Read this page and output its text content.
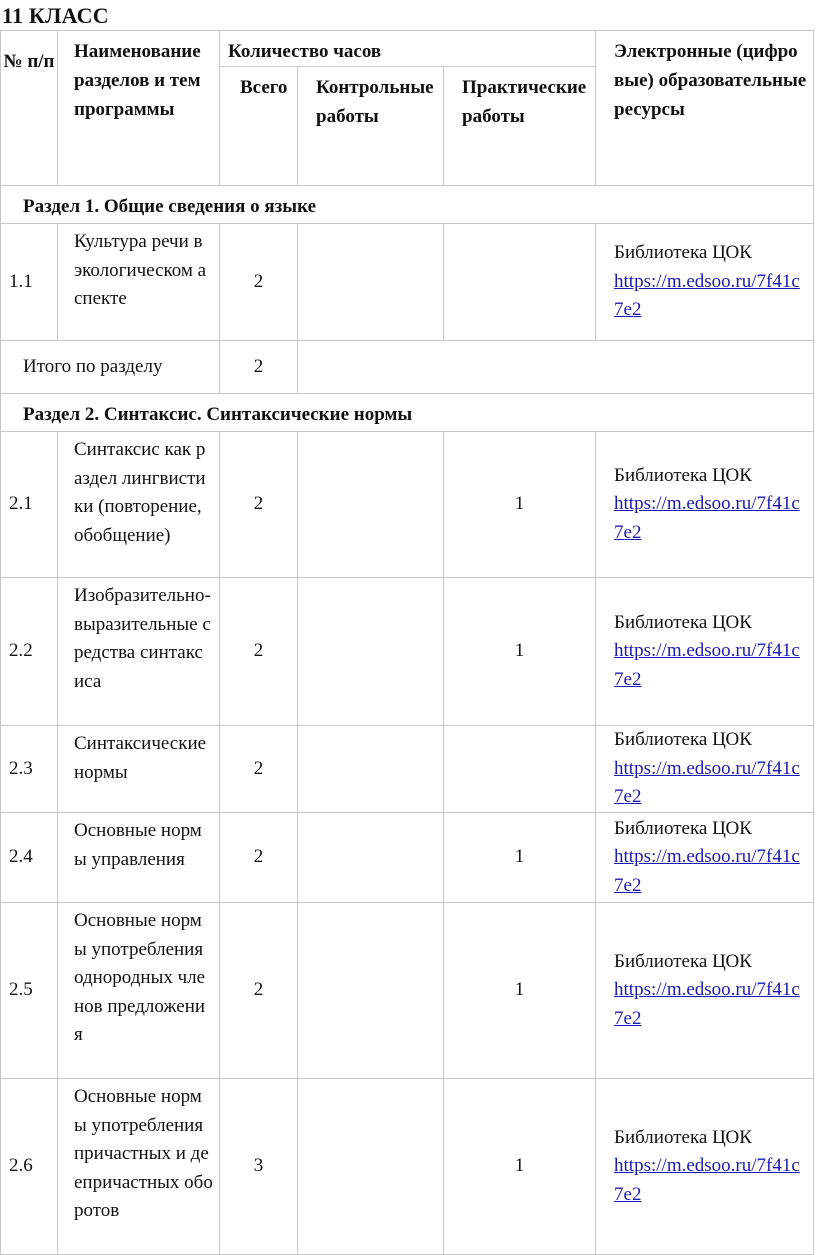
11 КЛАСС
№ п/п	Наименование разделов и тем программы	Количество часов			Электронные (цифровые) образовательные ресурсы
		Всего	Контрольные работы	Практические работы	
Раздел 1. Общие сведения о языке					
1.1	Культура речи в экологическом аспекте	2			Библиотека ЦОК
https://m.edsoo.ru/7f41c7e2

Итого по разделу		2			
Раздел 2. Синтаксис. Синтаксические нормы					
2.1	Синтаксис как раздел лингвистики (повторение, обобщение)	2		1	Библиотека ЦОК
https://m.edsoo.ru/7f41c7e2

2.2	Изобразительно-выразительные средства синтаксиса	2		1	Библиотека ЦОК
https://m.edsoo.ru/7f41c7e2

2.3	Синтаксические нормы	2			Библиотека ЦОК
https://m.edsoo.ru/7f41c7e2

2.4	Основные нормы управления	2		1	Библиотека ЦОК
https://m.edsoo.ru/7f41c7e2

2.5	Основные нормы употребления однородных членов предложения	2		1	Библиотека ЦОК
https://m.edsoo.ru/7f41c7e2

2.6	Основные нормы употребления причастных и деепричастных оборотов	3		1	Библиотека ЦОК
https://m.edsoo.ru/7f41c7e2
